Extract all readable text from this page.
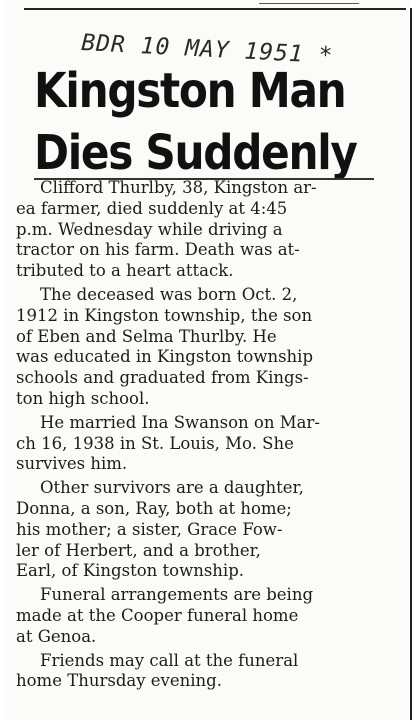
BDR 10 MAY 1951 *
Kingston Man
Dies Suddenly
Clifford Thurlby, 38, Kingston ar-
ea farmer, died suddenly at 4:45
p.m. Wednesday while driving a
tractor on his farm. Death was at-
tributed to a heart attack.
The deceased was born Oct. 2,
1912 in Kingston township, the son
of Eben and Selma Thurlby. He
was educated in Kingston township
schools and graduated from Kings-
ton high school.
He married Ina Swanson on Mar-
ch 16, 1938 in St. Louis, Mo. She
survives him.
Other survivors are a daughter,
Donna, a son, Ray, both at home;
his mother; a sister, Grace Fow-
ler of Herbert, and a brother,
Earl, of Kingston township.
Funeral arrangements are being
made at the Cooper funeral home
at Genoa.
Friends may call at the funeral
home Thursday evening.
